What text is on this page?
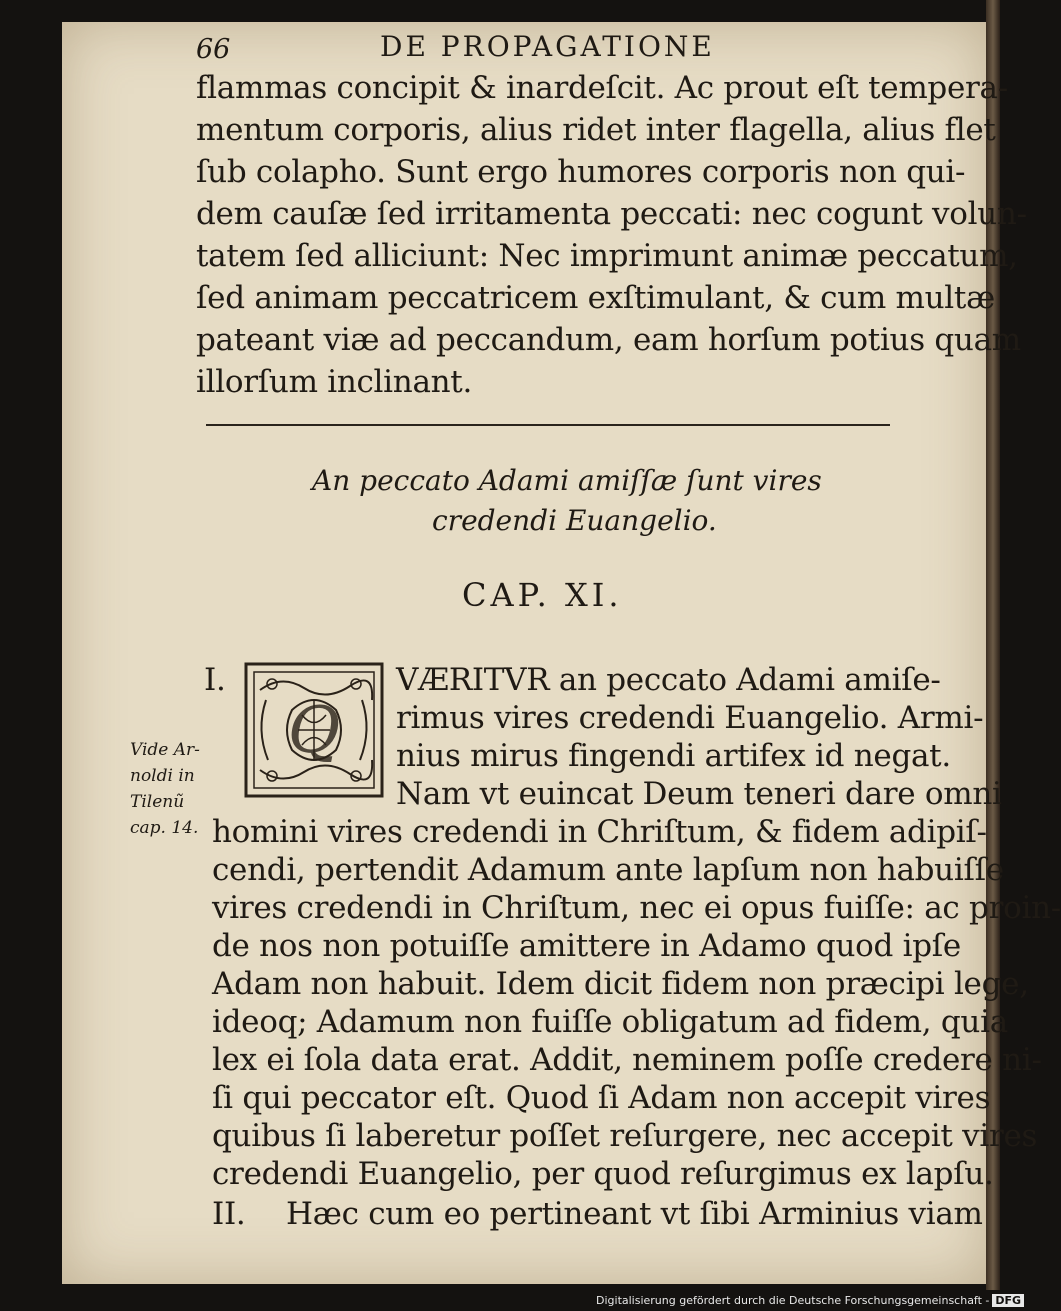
66	DE PROPAGATIONE
flammas concipit & inardeſcit. Ac prout eſt tempera-
mentum corporis, alius ridet inter flagella, alius flet
ſub colapho. Sunt ergo humores corporis non qui-
dem cauſæ ſed irritamenta peccati: nec cogunt volun-
tatem ſed alliciunt: Nec imprimunt animæ peccatum,
ſed animam peccatricem exſtimulant, & cum multæ
pateant viæ ad peccandum, eam horſum potius quam
illorſum inclinant.
An peccato Adami amiſſæ ſunt vires
credendi Euangelio.
CAP. XI.
I.
Q
VÆRITVR an peccato Adami amiſe-
rimus vires credendi Euangelio. Armi-
nius mirus fingendi artifex id negat.
Nam vt euincat Deum teneri dare omni
homini vires credendi in Chriſtum, & fidem adipiſ-
cendi, pertendit Adamum ante lapſum non habuiſſe
vires credendi in Chriſtum, nec ei opus fuiſſe: ac proin-
de nos non potuiſſe amittere in Adamo quod ipſe
Adam non habuit. Idem dicit fidem non præcipi lege,
ideoq; Adamum non fuiſſe obligatum ad fidem, quia
lex ei ſola data erat. Addit, neminem poſſe credere ni-
ſi qui peccator eſt. Quod ſi Adam non accepit vires
quibus ſi laberetur poſſet reſurgere, nec accepit vires
credendi Euangelio, per quod reſurgimus ex lapſu.
Vide Ar-
noldi in
Tilenũ
cap. 14.
II. Hæc cum eo pertineant vt ſibi Arminius viam
Digitalisierung gefördert durch die Deutsche Forschungsgemeinschaft - DFG
